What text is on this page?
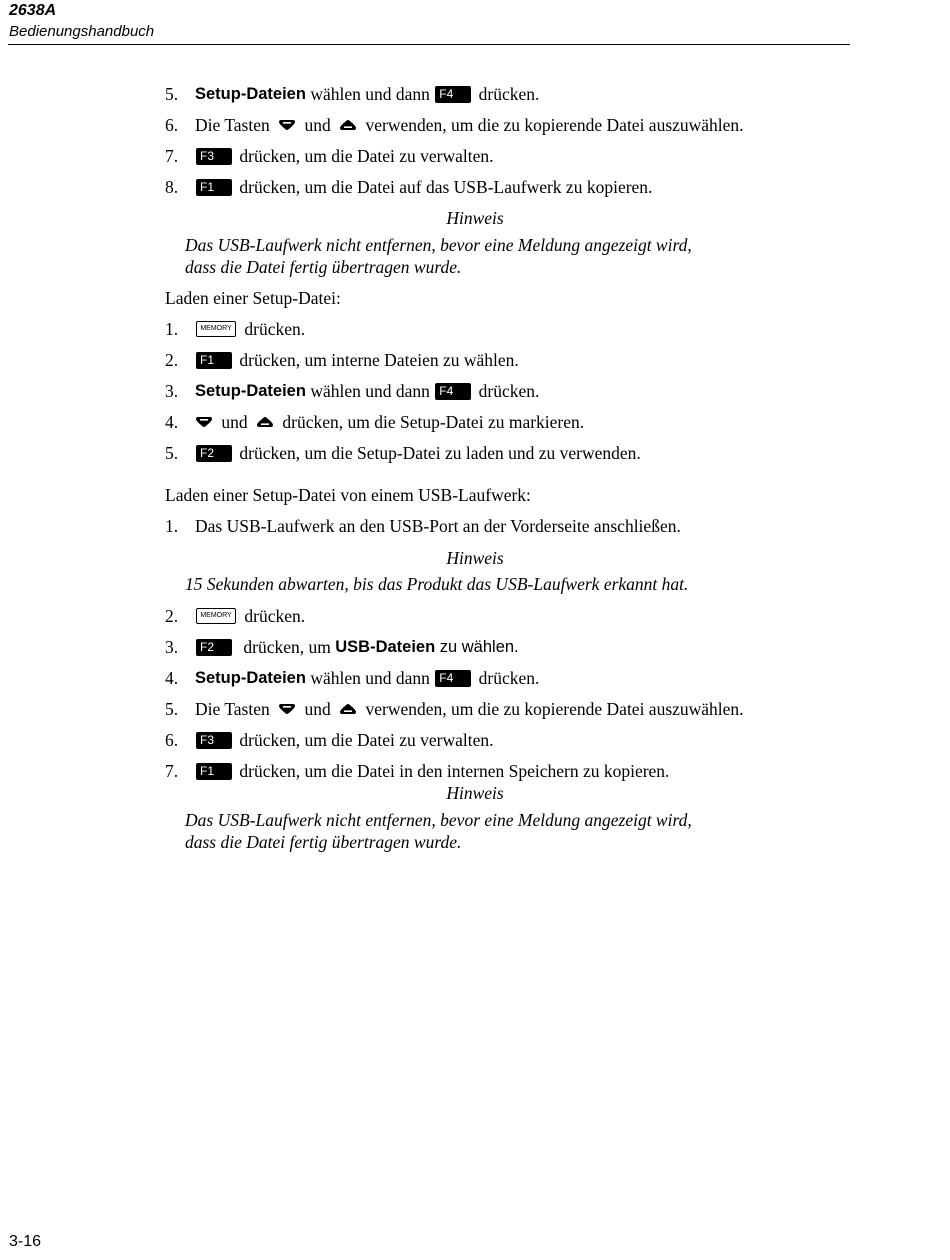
2638A
Bedienungshandbuch
5.	Setup-Dateien wählen und dann F4	drücken.
6. Die Tasten und verwenden, um die zu kopierende Datei auszuwählen.
7.	F3	drücken, um die Datei zu verwalten.
8.	F1	drücken, um die Datei auf das USB-Laufwerk zu kopieren.
Hinweis
Das USB-Laufwerk nicht entfernen, bevor eine Meldung angezeigt wird,
dass die Datei fertig übertragen wurde.
Laden einer Setup-Datei:
1.	MEMORY drücken.
2.	F1	drücken, um interne Dateien zu wählen.
3.	Setup-Dateien wählen und dann F4	drücken.
4.	und drücken, um die Setup-Datei zu markieren.
5.	F2	drücken, um die Setup-Datei zu laden und zu verwenden.
Laden einer Setup-Datei von einem USB-Laufwerk:
1. Das USB-Laufwerk an den USB-Port an der Vorderseite anschließen.
Hinweis
15 Sekunden abwarten, bis das Produkt das USB-Laufwerk erkannt hat.
2.	MEMORY drücken.
3.	F2	drücken, um USB-Dateien zu wählen.
4.	Setup-Dateien wählen und dann F4	drücken.
5. Die Tasten und verwenden, um die zu kopierende Datei auszuwählen.
6.	F3	drücken, um die Datei zu verwalten.
7.	F1	drücken, um die Datei in den internen Speichern zu kopieren.
Hinweis
Das USB-Laufwerk nicht entfernen, bevor eine Meldung angezeigt wird,
dass die Datei fertig übertragen wurde.
3-16
